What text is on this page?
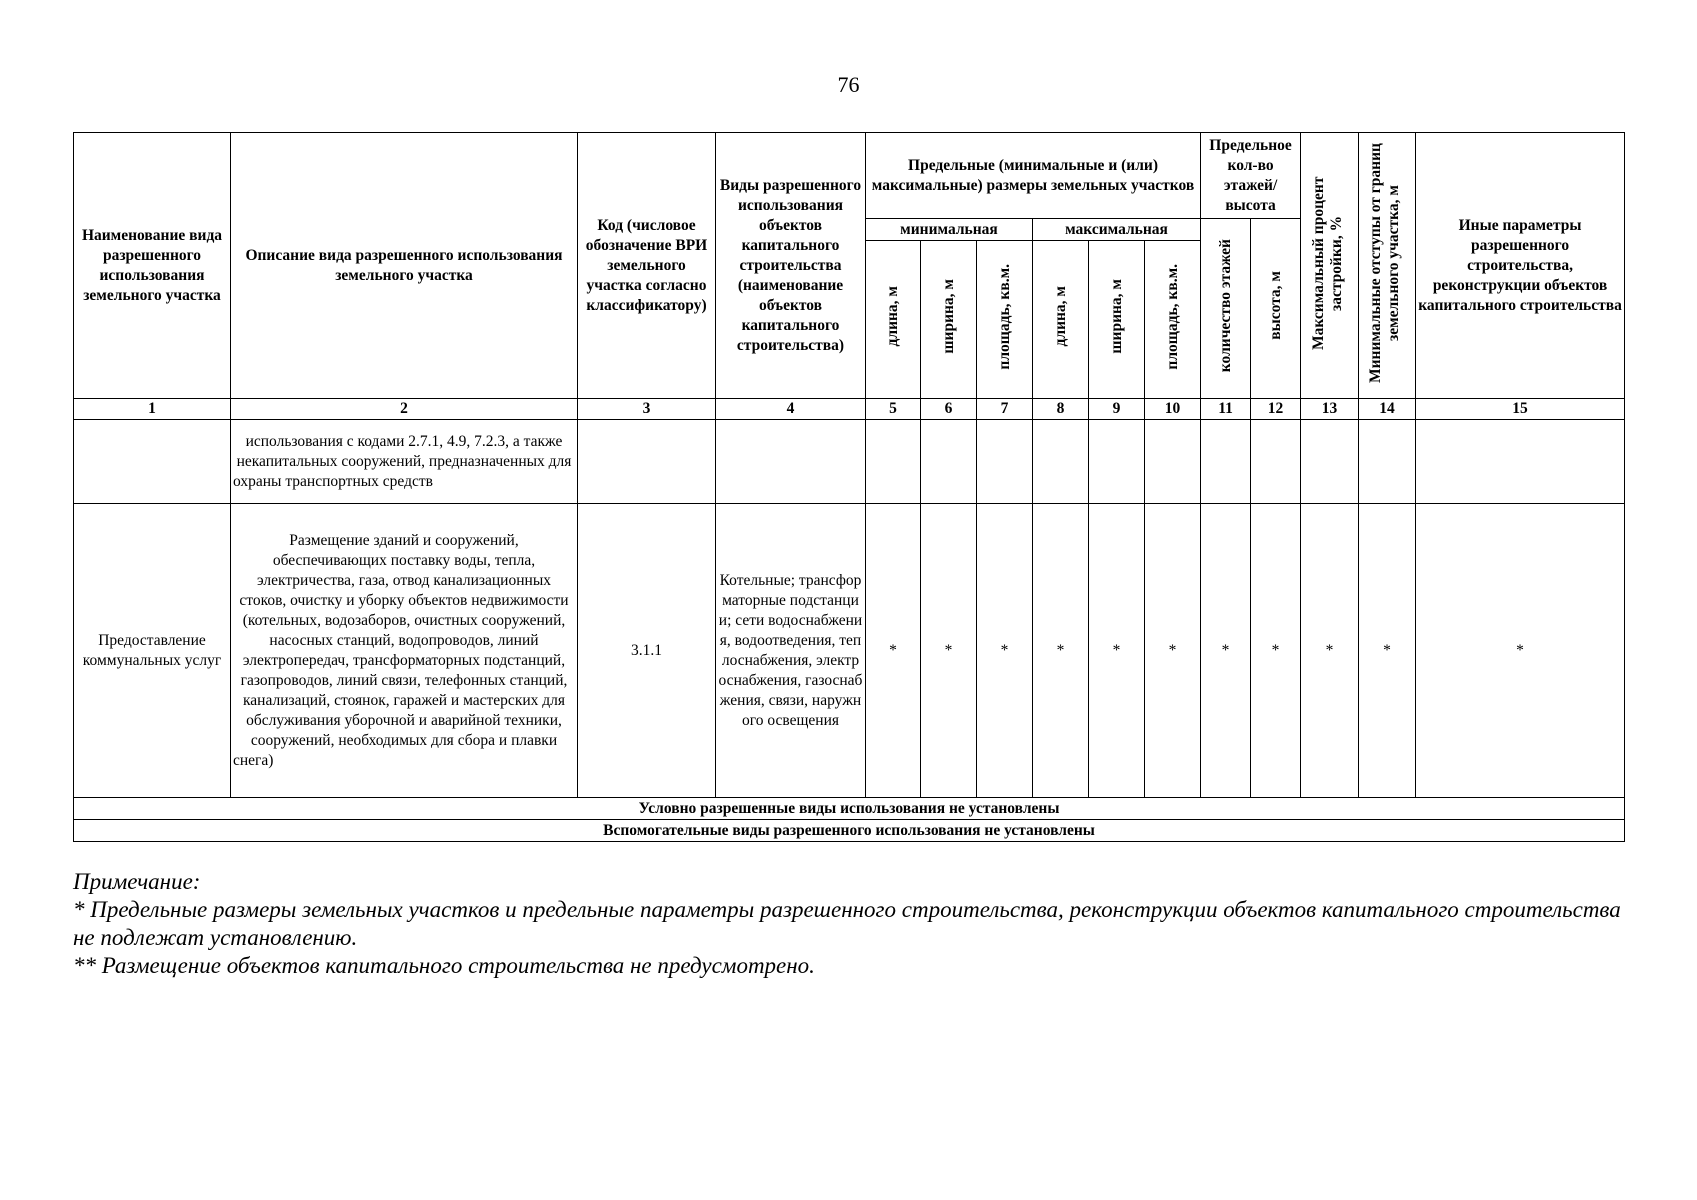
76
Наименование вида разрешенного использования земельного участка	Описание вида разрешенного использования земельного участка	Код (числовое обозначение ВРИ земельного участка согласно классификатору)	Виды разрешенного использования объектов капитального строительства (наименование объектов капитального строительства)	Предельные (минимальные и (или) максимальные) размеры земельных участков						Предельное кол-во этажей/ высота		Максимальный процент застройки, %	Минимальные отступы от границ земельного участка, м	Иные параметры разрешенного строительства, реконструкции объектов капитального строительства
				минимальная			максимальная			количество этажей	высота, м			
				длина, м	ширина, м	площадь, кв.м.	длина, м	ширина, м	площадь, кв.м.					
1	2	3	4	5	6	7	8	9	10	11	12	13	14	15
	использования с кодами 2.7.1, 4.9, 7.2.3, а также некапитальных сооружений, предназначенных для охраны транспортных средств													
Предоставление коммунальных услуг	Размещение зданий и сооружений, обеспечивающих поставку воды, тепла, электричества, газа, отвод канализационных стоков, очистку и уборку объектов недвижимости (котельных, водозаборов, очистных сооружений, насосных станций, водопроводов, линий электропередач, трансформаторных подстанций, газопроводов, линий связи, телефонных станций, канализаций, стоянок, гаражей и мастерских для обслуживания уборочной и аварийной техники, сооружений, необходимых для сбора и плавки снега)	3.1.1	Котельные; трансформаторные подстанции; сети водоснабжения, водоотведения, теплоснабжения, электроснабжения, газоснабжения, связи, наружного освещения	*	*	*	*	*	*	*	*	*	*	*
Условно разрешенные виды использования не установлены														
Вспомогательные виды разрешенного использования не установлены														
Примечание:
* Предельные размеры земельных участков и предельные параметры разрешенного строительства, реконструкции объектов капитального строительства не подлежат установлению.
** Размещение объектов капитального строительства не предусмотрено.
